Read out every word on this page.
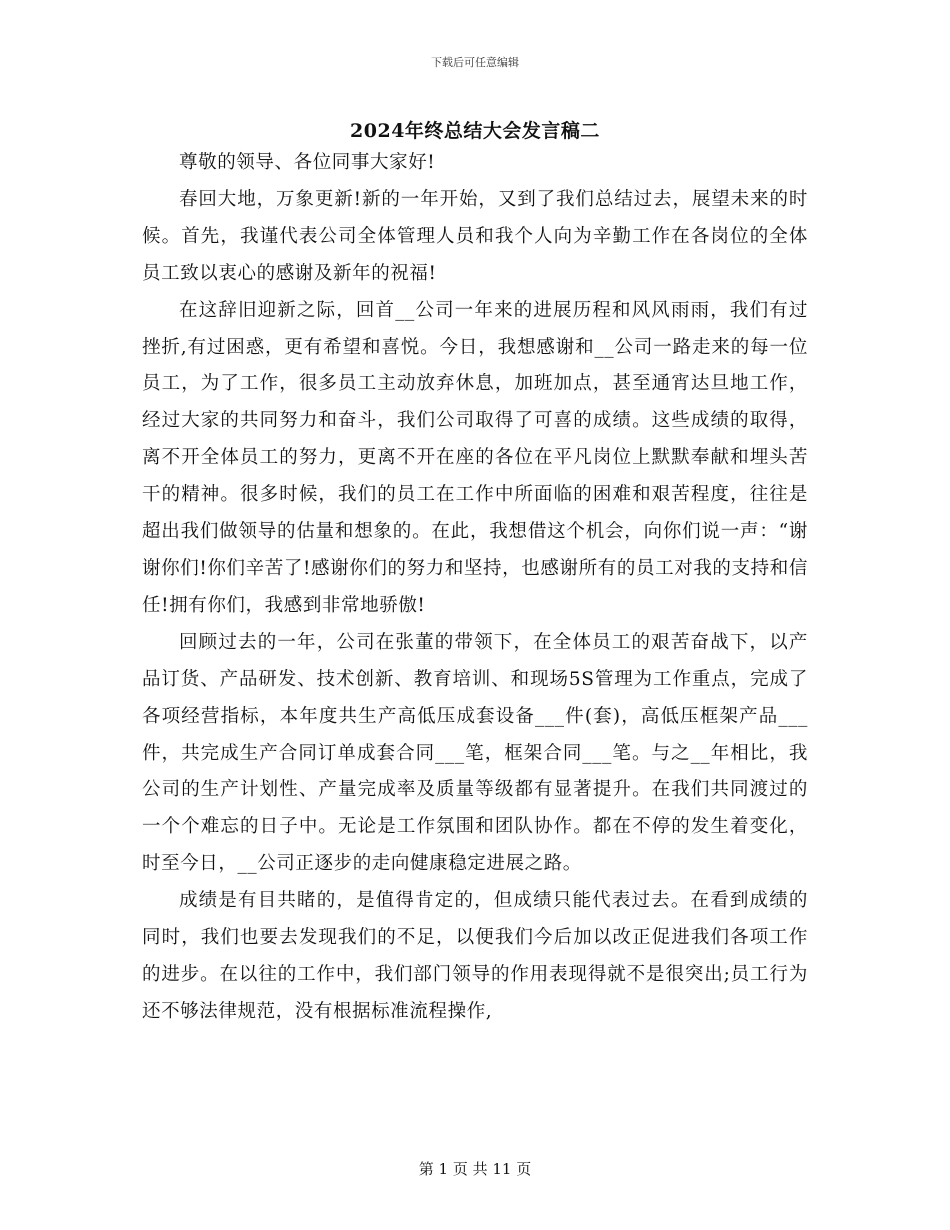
下载后可任意编辑
2024年终总结大会发言稿二

尊敬的领导、各位同事大家好!

春回大地，万象更新!新的一年开始，又到了我们总结过去，展望未来的时候。首先，我谨代表公司全体管理人员和我个人向为辛勤工作在各岗位的全体员工致以衷心的感谢及新年的祝福!

在这辞旧迎新之际，回首__公司一年来的进展历程和风风雨雨，我们有过挫折,有过困惑，更有希望和喜悦。今日，我想感谢和__公司一路走来的每一位员工，为了工作，很多员工主动放弃休息，加班加点，甚至通宵达旦地工作，经过大家的共同努力和奋斗，我们公司取得了可喜的成绩。这些成绩的取得，离不开全体员工的努力，更离不开在座的各位在平凡岗位上默默奉献和埋头苦干的精神。很多时候，我们的员工在工作中所面临的困难和艰苦程度，往往是超出我们做领导的估量和想象的。在此，我想借这个机会，向你们说一声：“谢谢你们!你们辛苦了!感谢你们的努力和坚持，也感谢所有的员工对我的支持和信任!拥有你们，我感到非常地骄傲!

回顾过去的一年，公司在张董的带领下，在全体员工的艰苦奋战下，以产品订货、产品研发、技术创新、教育培训、和现场5S管理为工作重点，完成了各项经营指标，本年度共生产高低压成套设备___件(套)，高低压框架产品___件，共完成生产合同订单成套合同___笔，框架合同___笔。与之__年相比，我公司的生产计划性、产量完成率及质量等级都有显著提升。在我们共同渡过的一个个难忘的日子中。无论是工作氛围和团队协作。都在不停的发生着变化，时至今日，__公司正逐步的走向健康稳定进展之路。

成绩是有目共睹的，是值得肯定的，但成绩只能代表过去。在看到成绩的同时，我们也要去发现我们的不足，以便我们今后加以改正促进我们各项工作的进步。在以往的工作中，我们部门领导的作用表现得就不是很突出;员工行为还不够法律规范，没有根据标准流程操作,

第 1 页 共 11 页
